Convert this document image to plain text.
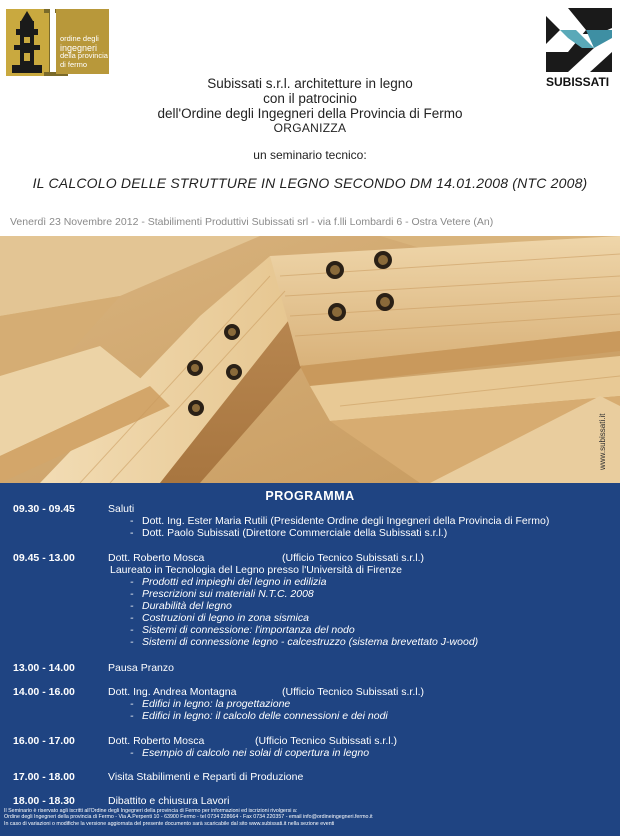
ordine degli
ingegneri
della provincia
di fermo
SUBISSATI
Subissati s.r.l. architetture in legno
con il patrocinio
dell'Ordine degli Ingegneri della Provincia di Fermo
ORGANIZZA
un seminario tecnico:
IL CALCOLO DELLE STRUTTURE IN LEGNO SECONDO DM 14.01.2008 (NTC 2008)
Venerdì 23 Novembre 2012 - Stabilimenti Produttivi Subissati srl - via f.lli Lombardi 6 - Ostra Vetere (An)
www.subissati.it
PROGRAMMA
09.30 - 09.45	Saluti
- Dott. Ing. Ester Maria Rutili (Presidente Ordine degli Ingegneri della Provincia di Fermo)
- Dott. Paolo Subissati (Direttore Commerciale della Subissati s.r.l.)
09.45 - 13.00	Dott. Roberto Mosca	(Ufficio Tecnico Subissati s.r.l.)
Laureato in Tecnologia del Legno presso l'Università di Firenze
- Prodotti ed impieghi del legno in edilizia
- Prescrizioni sui materiali N.T.C. 2008
- Durabilità del legno
- Costruzioni di legno in zona sismica
- Sistemi di connessione: l'importanza del nodo
- Sistemi di connessione legno - calcestruzzo (sistema brevettato J-wood)
13.00 - 14.00	Pausa Pranzo
14.00 - 16.00	Dott. Ing. Andrea Montagna	(Ufficio Tecnico Subissati s.r.l.)
- Edifici in legno: la progettazione
- Edifici in legno: il calcolo delle connessioni e dei nodi
16.00 - 17.00	Dott. Roberto Mosca	(Ufficio Tecnico Subissati s.r.l.)
- Esempio di calcolo nei solai di copertura in legno
17.00 - 18.00	Visita Stabilimenti e Reparti di Produzione
18.00 - 18.30	Dibattito e chiusura Lavori
Il Seminario è riservato agli iscritti all'Ordine degli Ingegneri della provincia di Fermo per informazioni ed iscrizioni rivolgersi a:
Ordine degli Ingegneri della provincia di Fermo - Via A.Perpenti 10 - 63900 Fermo - tel 0734 228664 - Fax 0734 220357 - email info@ordineingegneri.fermo.it
In caso di variazioni o modifiche la versione aggiornata del presente documento sarà scaricabile dal sito www.subissati.it nella sezione eventi
